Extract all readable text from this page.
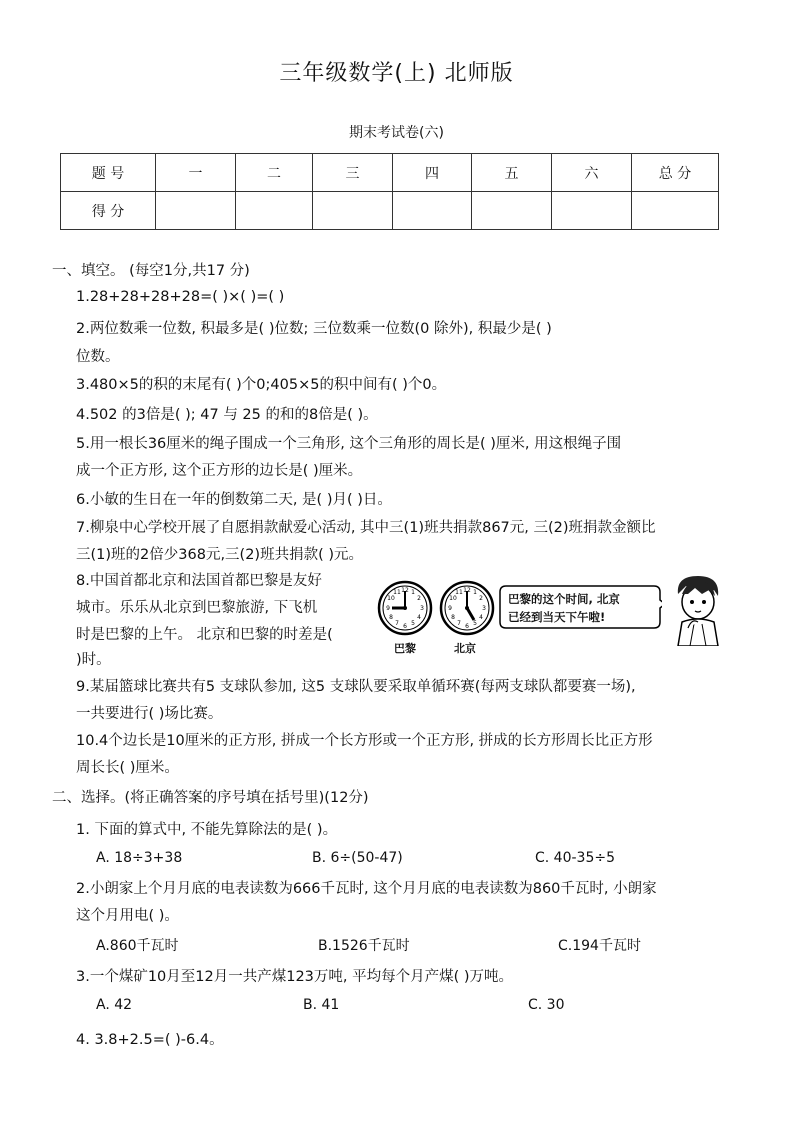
三年级数学(上) 北师版
期末考试卷(六)
题 号	一	二	三	四	五	六	总 分
得 分							
一、填空。 (每空1分,共17 分)
1.28+28+28+28=( )×( )=( )
2.两位数乘一位数, 积最多是( )位数; 三位数乘一位数(0 除外), 积最少是( )
位数。
3.480×5的积的末尾有( )个0;405×5的积中间有( )个0。
4.502 的3倍是( ); 47 与 25 的和的8倍是( )。
5.用一根长36厘米的绳子围成一个三角形, 这个三角形的周长是( )厘米, 用这根绳子围
成一个正方形, 这个正方形的边长是( )厘米。
6.小敏的生日在一年的倒数第二天, 是( )月( )日。
7.柳泉中心学校开展了自愿捐款献爱心活动, 其中三(1)班共捐款867元, 三(2)班捐款金额比
三(1)班的2倍少368元,三(2)班共捐款( )元。
8.中国首都北京和法国首都巴黎是友好
城市。乐乐从北京到巴黎旅游, 下飞机
时是巴黎的上午。 北京和巴黎的时差是(
)时。
12 1
2
3
4
5
6
7
8
9
10
11	12 1
2
3
4
5
6
7
8
9
10
11
巴黎	北京
巴黎的这个时间, 北京
已经到当天下午啦!
9.某届篮球比赛共有5 支球队参加, 这5 支球队要采取单循环赛(每两支球队都要赛一场),
一共要进行( )场比赛。
10.4个边长是10厘米的正方形, 拼成一个长方形或一个正方形, 拼成的长方形周长比正方形
周长长( )厘米。
二、选择。(将正确答案的序号填在括号里)(12分)
1. 下面的算式中, 不能先算除法的是( )。
A. 18÷3+38	B. 6÷(50-47)	C. 40-35÷5
2.小朗家上个月月底的电表读数为666千瓦时, 这个月月底的电表读数为860千瓦时, 小朗家
这个月用电( )。
A.860千瓦时	B.1526千瓦时	C.194千瓦时
3.一个煤矿10月至12月一共产煤123万吨, 平均每个月产煤( )万吨。
A. 42	B. 41	C. 30
4. 3.8+2.5=( )-6.4。
